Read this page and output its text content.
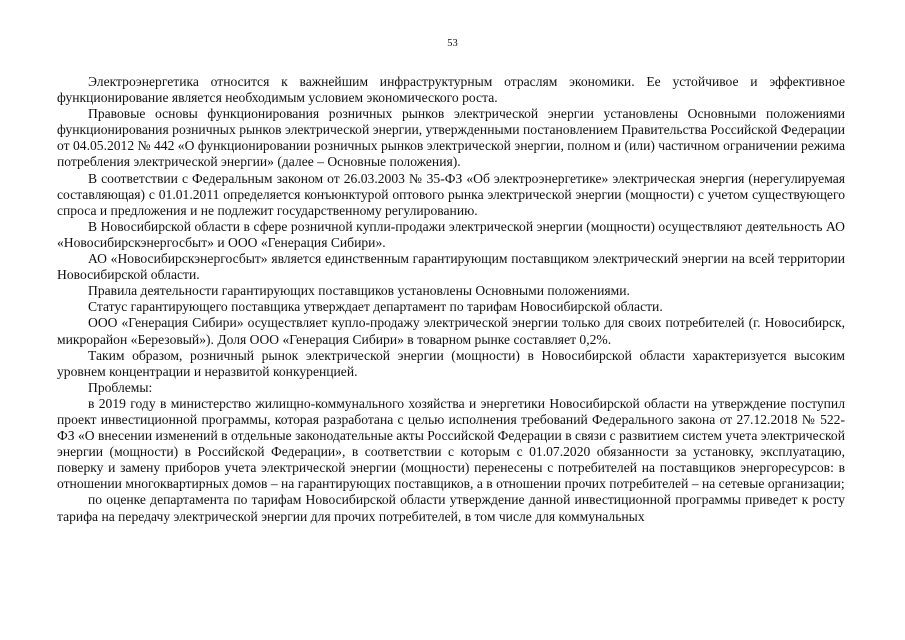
53

Электроэнергетика относится к важнейшим инфраструктурным отраслям экономики. Ее устойчивое и эффективное функционирование является необходимым условием экономического роста.

Правовые основы функционирования розничных рынков электрической энергии установлены Основными положениями функционирования розничных рынков электрической энергии, утвержденными постановлением Правительства Российской Федерации от 04.05.2012 № 442 «О функционировании розничных рынков электрической энергии, полном и (или) частичном ограничении режима потребления электрической энергии» (далее – Основные положения).

В соответствии с Федеральным законом от 26.03.2003 № 35-ФЗ «Об электроэнергетике» электрическая энергия (нерегулируемая составляющая) с 01.01.2011 определяется конъюнктурой оптового рынка электрической энергии (мощности) с учетом существующего спроса и предложения и не подлежит государственному регулированию.

В Новосибирской области в сфере розничной купли-продажи электрической энергии (мощности) осуществляют деятельность АО «Новосибирскэнергосбыт» и ООО «Генерация Сибири».

АО «Новосибирскэнергосбыт» является единственным гарантирующим поставщиком электрический энергии на всей территории Новосибирской области.

Правила деятельности гарантирующих поставщиков установлены Основными положениями.

Статус гарантирующего поставщика утверждает департамент по тарифам Новосибирской области.

ООО «Генерация Сибири» осуществляет купло-продажу электрической энергии только для своих потребителей (г. Новосибирск, микрорайон «Березовый»). Доля ООО «Генерация Сибири» в товарном рынке составляет 0,2%.

Таким образом, розничный рынок электрической энергии (мощности) в Новосибирской области характеризуется высоким уровнем концентрации и неразвитой конкуренцией.

Проблемы:

в 2019 году в министерство жилищно-коммунального хозяйства и энергетики Новосибирской области на утверждение поступил проект инвестиционной программы, которая разработана с целью исполнения требований Федерального закона от 27.12.2018 № 522-ФЗ «О внесении изменений в отдельные законодательные акты Российской Федерации в связи с развитием систем учета электрической энергии (мощности) в Российской Федерации», в соответствии с которым с 01.07.2020 обязанности за установку, эксплуатацию, поверку и замену приборов учета электрической энергии (мощности) перенесены с потребителей на поставщиков энергоресурсов: в отношении многоквартирных домов – на гарантирующих поставщиков, а в отношении прочих потребителей – на сетевые организации;

по оценке департамента по тарифам Новосибирской области утверждение данной инвестиционной программы приведет к росту тарифа на передачу электрической энергии для прочих потребителей, в том числе для коммунальных
